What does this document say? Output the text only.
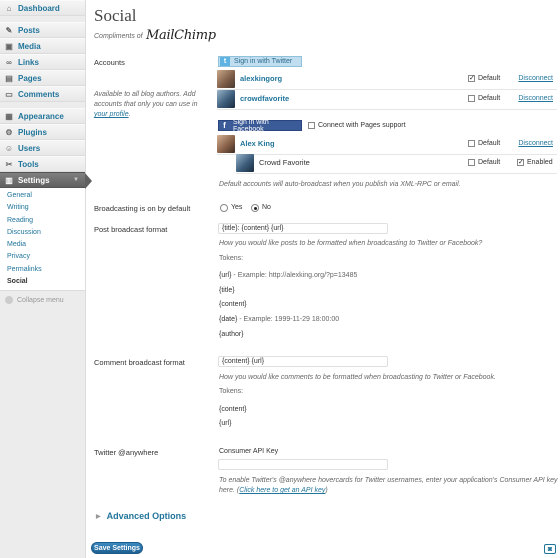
⌂ Dashboard
✎ Posts
▣ Media
∞ Links
▤ Pages
▭ Comments
▦ Appearance
⚙ Plugins
☺ Users
✂ Tools
▥ Settings	▼
General
Writing
Reading
Discussion
Media
Privacy
Permalinks
Social
Collapse menu
Social
Compliments of MailChimp
Accounts
Available to all blog authors. Add
accounts that only you can use in
your profile.
t	Sign in with Twitter
alexkingorg	✓ Default	Disconnect
crowdfavorite	Default	Disconnect
f	Sign in with Facebook	Connect with Pages support
Alex King	Default	Disconnect
Crowd Favorite	Default	✓ Enabled
Default accounts will auto-broadcast when you publish via XML-RPC or email.
Broadcasting is on by default	Yes	No
Post broadcast format	{title}: {content} {url}
How you would like posts to be formatted when broadcasting to Twitter or Facebook?
Tokens:
{url} - Example: http://alexking.org/?p=13485
{title}
{content}
{date} - Example: 1999-11-29 18:00:00
{author}
Comment broadcast format	{content} {url}
How you would like comments to be formatted when broadcasting to Twitter or Facebook.
Tokens:
{content}
{url}
Twitter @anywhere	Consumer API Key
To enable Twitter's @anywhere hovercards for Twitter usernames, enter your application's Consumer API key
here. (Click here to get an API key)
▶ Advanced Options
Save Settings	◙
